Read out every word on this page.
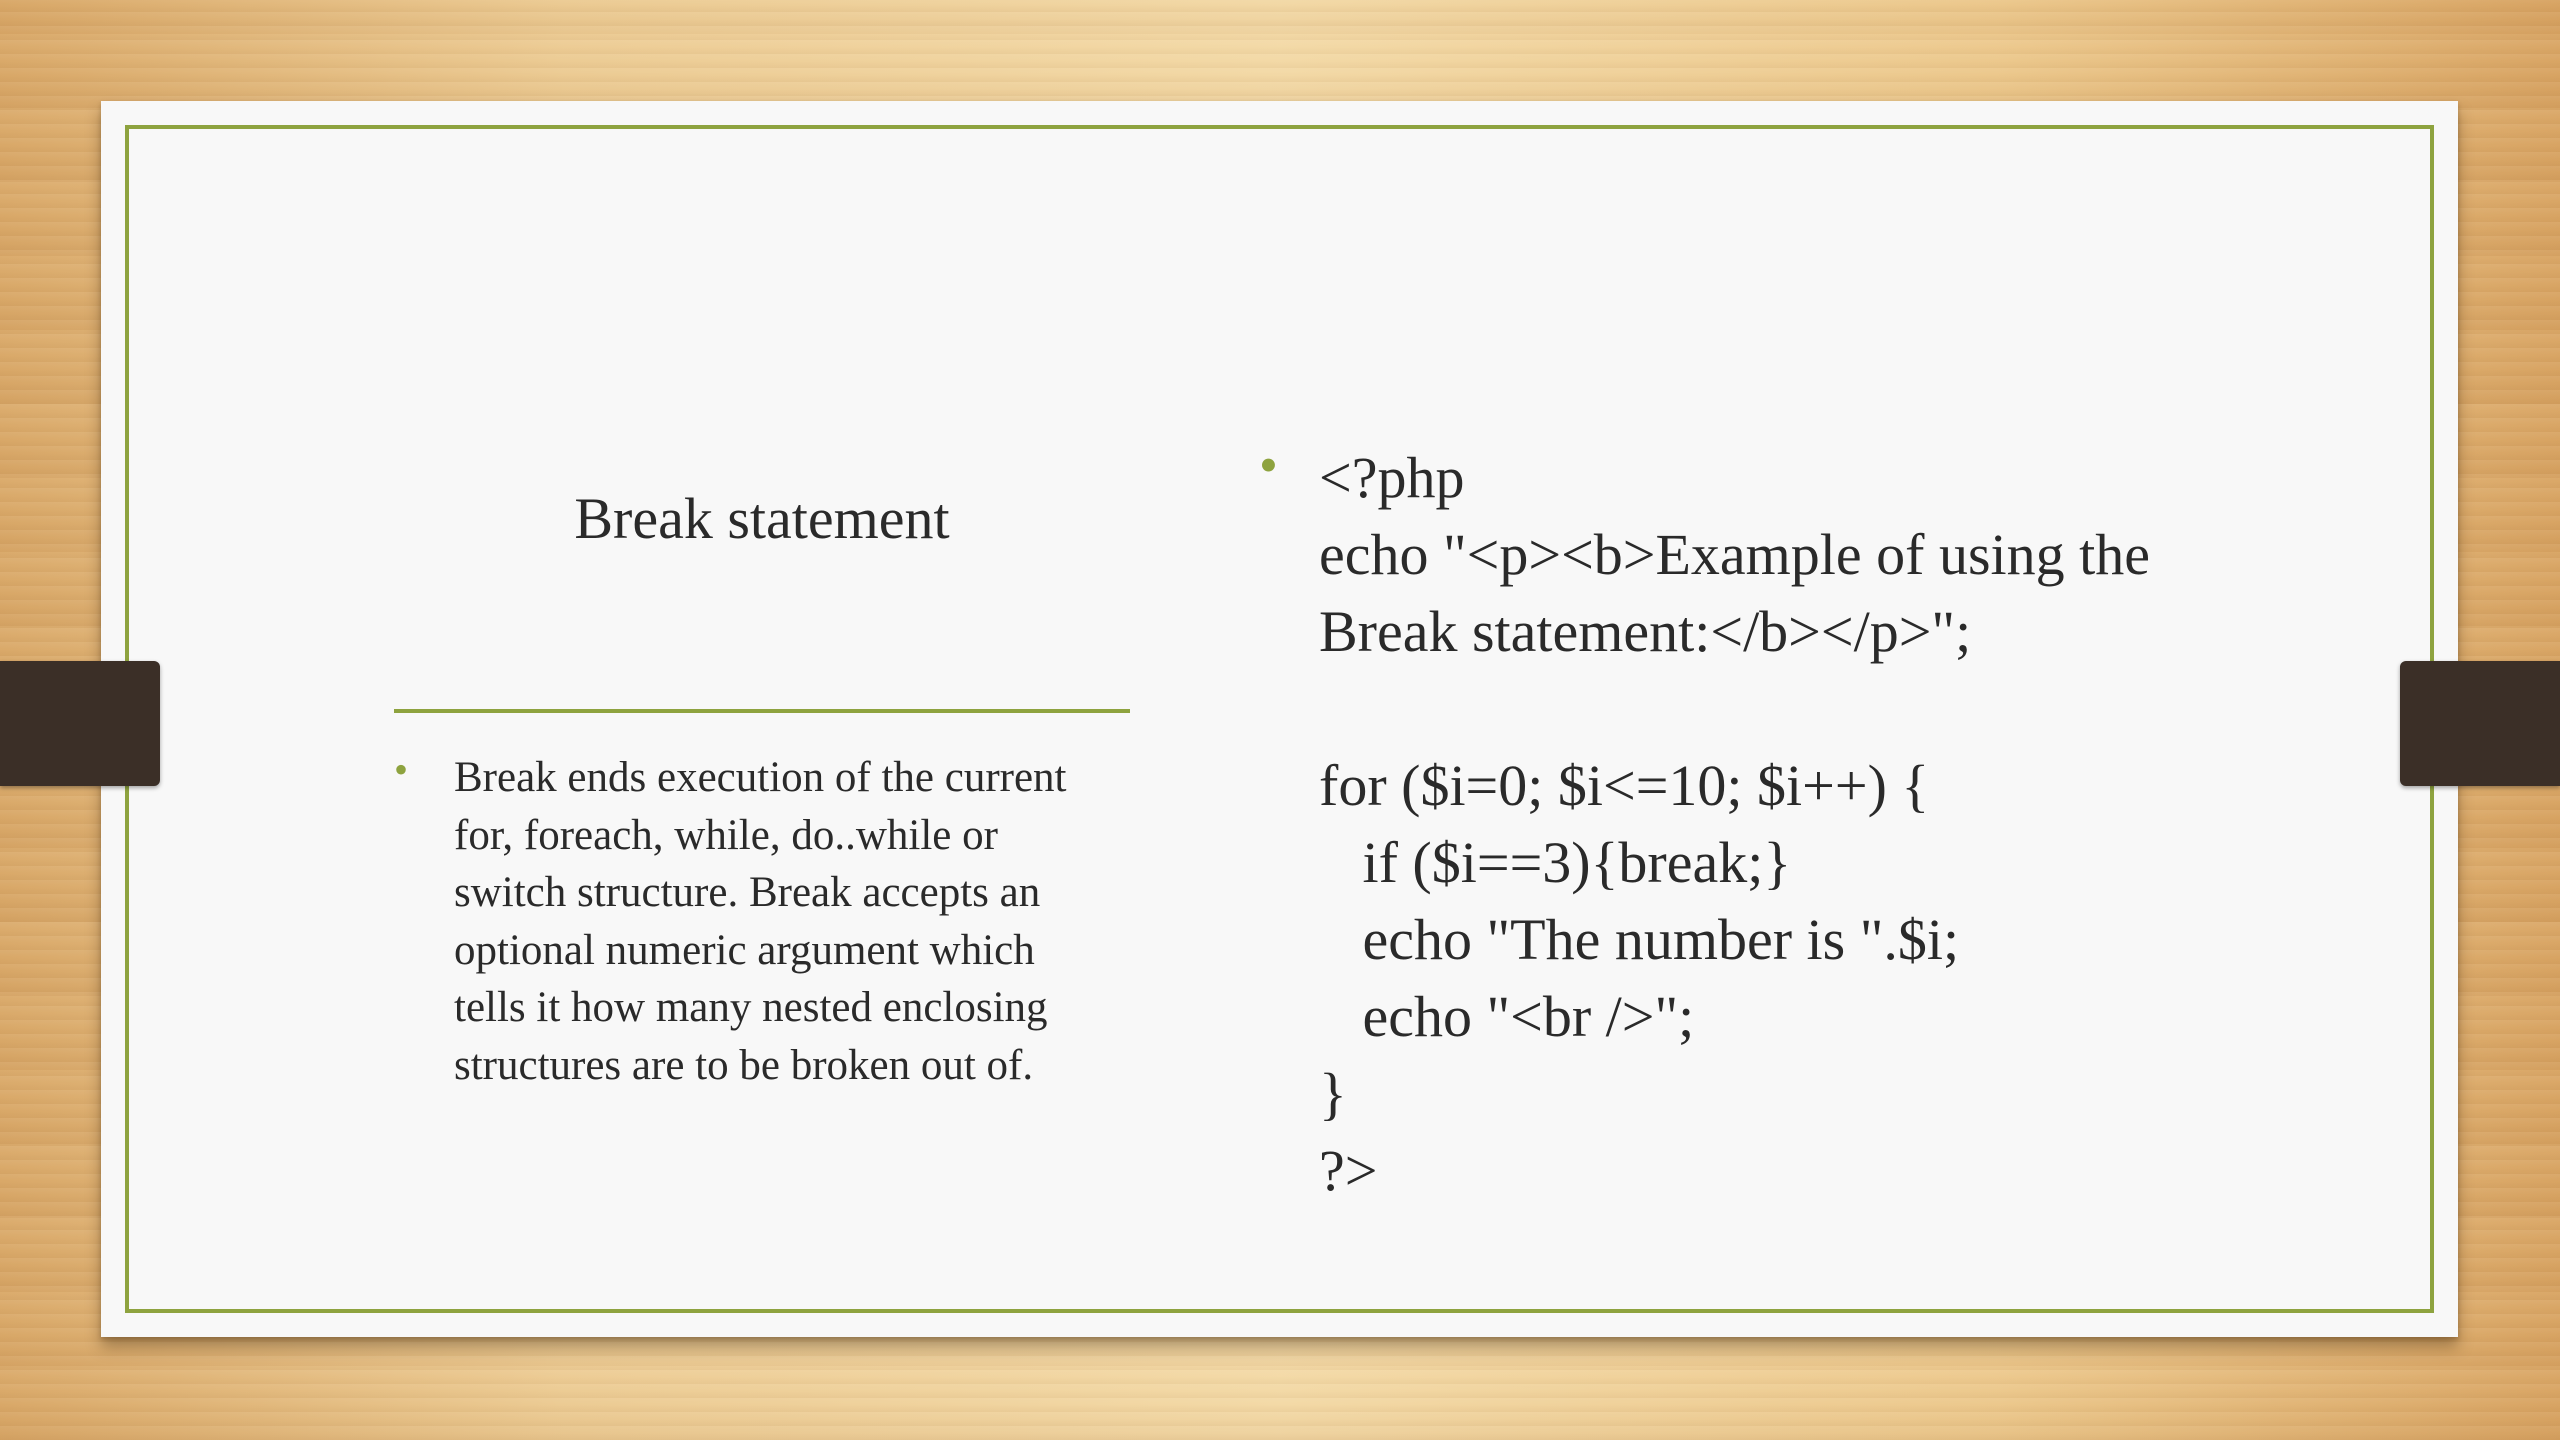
Break statement
• Break ends execution of the current
for, foreach, while, do..while or
switch structure. Break accepts an
optional numeric argument which
tells it how many nested enclosing
structures are to be broken out of.
• <?php
echo "<p><b>Example of using the
Break statement:</b></p>";
for ($i=0; $i<=10; $i++) {
if ($i==3){break;}
echo "The number is ".$i;
echo "<br />";
}
?>
